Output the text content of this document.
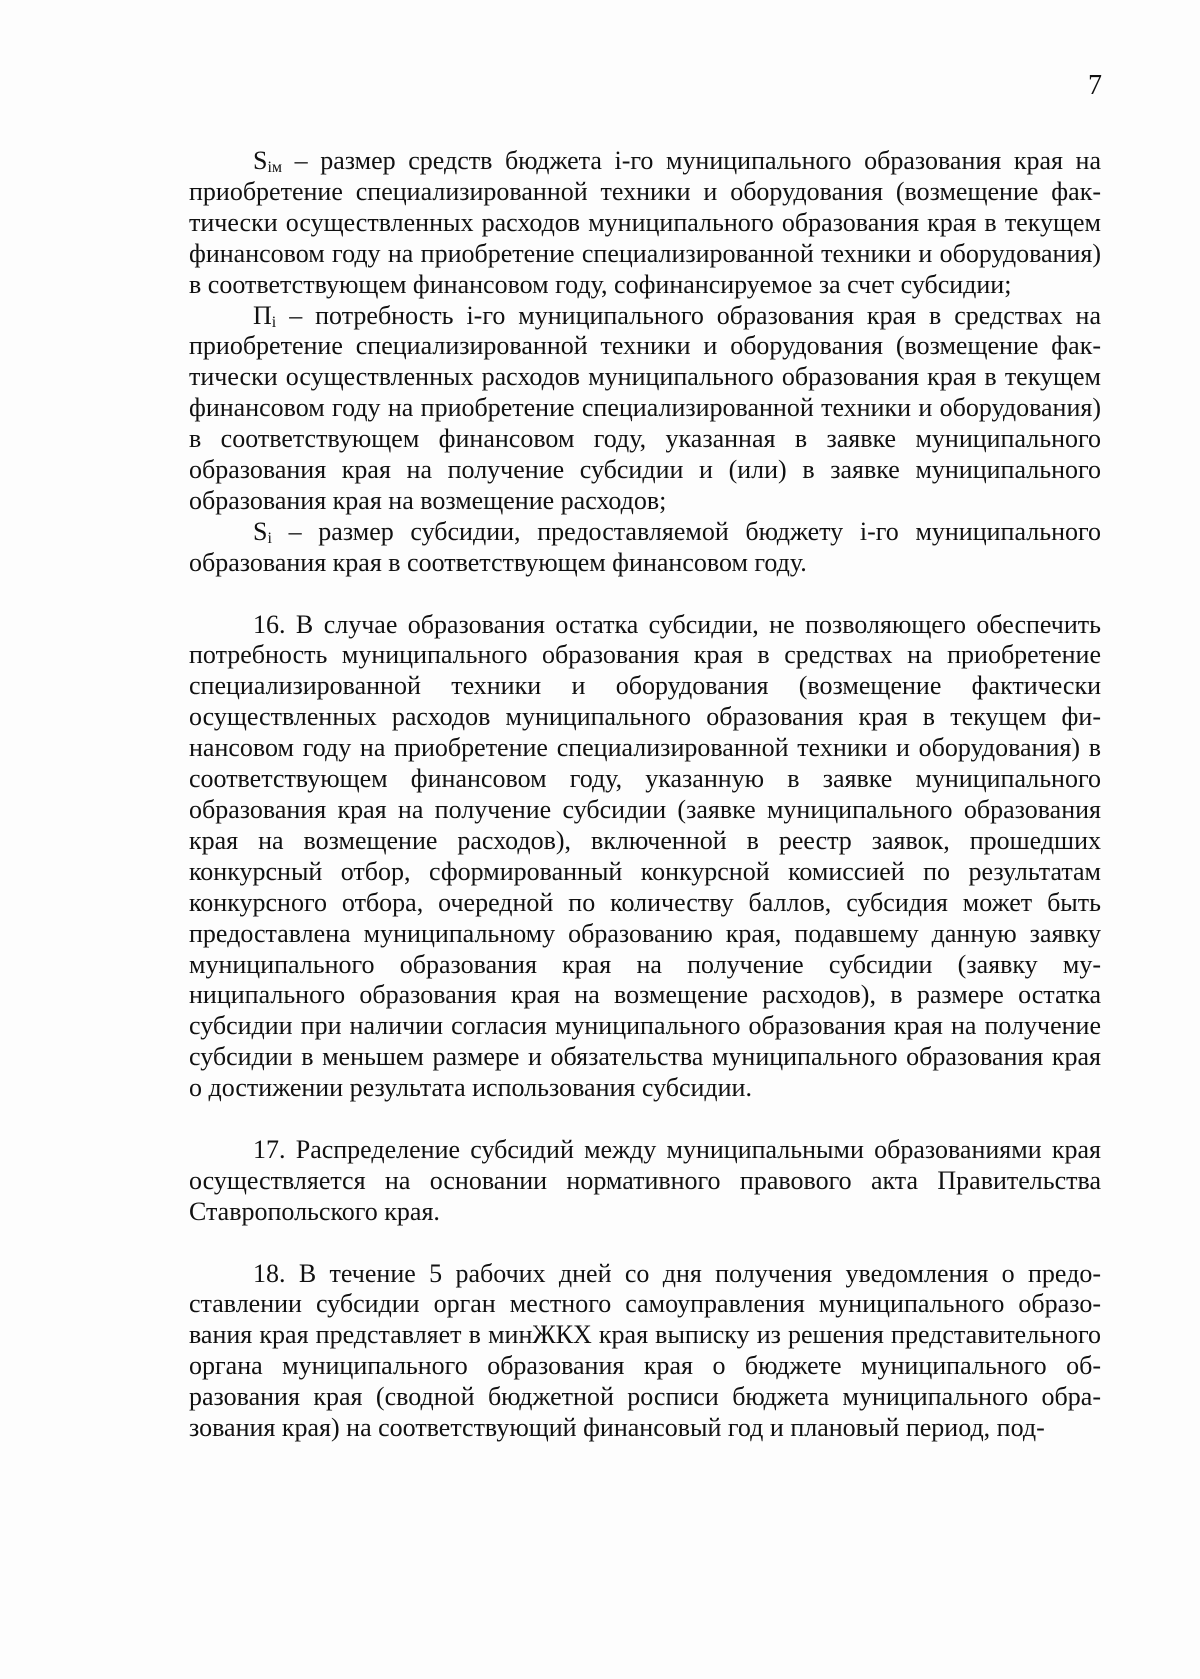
7

$S_{iм}$ – размер средств бюджета i-го муниципального образования края на приобретение специализированной техники и оборудования (возмещение фактически осуществленных расходов муниципального образования края в текущем финансовом году на приобретение специализированной техники и оборудования) в соответствующем финансовом году, софинансируемое за счет субсидии;

$П_i$ – потребность i-го муниципального образования края в средствах на приобретение специализированной техники и оборудования (возмещение фактически осуществленных расходов муниципального образования края в текущем финансовом году на приобретение специализированной техники и оборудования) в соответствующем финансовом году, указанная в заявке муниципального образования края на получение субсидии и (или) в заявке муниципального образования края на возмещение расходов;

$S_i$ – размер субсидии, предоставляемой бюджету i-го муниципального образования края в соответствующем финансовом году.

16. В случае образования остатка субсидии, не позволяющего обеспечить потребность муниципального образования края в средствах на приобретение специализированной техники и оборудования (возмещение фактически осуществленных расходов муниципального образования края в текущем финансовом году на приобретение специализированной техники и оборудования) в соответствующем финансовом году, указанную в заявке муниципального образования края на получение субсидии (заявке муниципального образования края на возмещение расходов), включенной в реестр заявок, прошедших конкурсный отбор, сформированный конкурсной комиссией по результатам конкурсного отбора, очередной по количеству баллов, субсидия может быть предоставлена муниципальному образованию края, подавшему данную заявку муниципального образования края на получение субсидии (заявку муниципального образования края на возмещение расходов), в размере остатка субсидии при наличии согласия муниципального образования края на получение субсидии в меньшем размере и обязательства муниципального образования края о достижении результата использования субсидии.

17. Распределение субсидий между муниципальными образованиями края осуществляется на основании нормативного правового акта Правительства Ставропольского края.

18. В течение 5 рабочих дней со дня получения уведомления о предоставлении субсидии орган местного самоуправления муниципального образования края представляет в минЖКХ края выписку из решения представительного органа муниципального образования края о бюджете муниципального образования края (сводной бюджетной росписи бюджета муниципального образования края) на соответствующий финансовый год и плановый период, под-
